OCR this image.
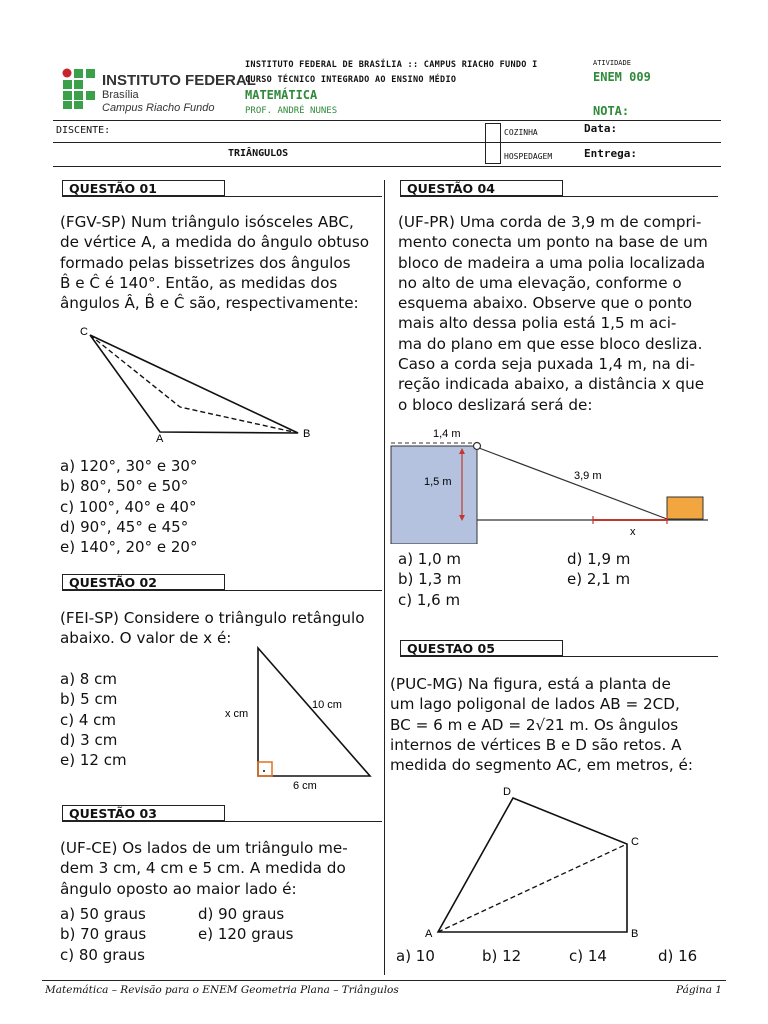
INSTITUTO FEDERAL
Brasília
Campus Riacho Fundo
INSTITUTO FEDERAL DE BRASÍLIA :: CAMPUS RIACHO FUNDO I
CURSO TÉCNICO INTEGRADO AO ENSINO MÉDIO
MATEMÁTICA
PROF. ANDRÉ NUNES
ATIVIDADE
ENEM 009
NOTA:
DISCENTE:
TRIÂNGULOS
COZINHA
HOSPEDAGEM
Data:
Entrega:
QUESTÃO 01
(FGV-SP) Num triângulo isósceles ABC,
de vértice A, a medida do ângulo obtuso
formado pelas bissetrizes dos ângulos
B̂ e Ĉ é 140°. Então, as medidas dos
ângulos Â, B̂ e Ĉ são, respectivamente:
C
A	B
a) 120°, 30° e 30°
b) 80°, 50° e 50°
c) 100°, 40° e 40°
d) 90°, 45° e 45°
e) 140°, 20° e 20°
QUESTÃO 02
(FEI-SP) Considere o triângulo retângulo
abaixo. O valor de x é:
a) 8 cm
b) 5 cm
c) 4 cm
d) 3 cm
e) 12 cm
x cm
10 cm
6 cm
QUESTÃO 03
(UF-CE) Os lados de um triângulo me-
dem 3 cm, 4 cm e 5 cm. A medida do
ângulo oposto ao maior lado é:
a) 50 graus
b) 70 graus
c) 80 graus
d) 90 graus
e) 120 graus
QUESTÃO 04
(UF-PR) Uma corda de 3,9 m de compri-
mento conecta um ponto na base de um
bloco de madeira a uma polia localizada
no alto de uma elevação, conforme o
esquema abaixo. Observe que o ponto
mais alto dessa polia está 1,5 m aci-
ma do plano em que esse bloco desliza.
Caso a corda seja puxada 1,4 m, na di-
reção indicada abaixo, a distância x que
o bloco deslizará será de:
1,4 m
1,5 m	3,9 m
x
a) 1,0 m
b) 1,3 m
c) 1,6 m
d) 1,9 m
e) 2,1 m
QUESTAO 05
(PUC-MG) Na figura, está a planta de
um lago poligonal de lados AB = 2CD,
BC = 6 m e AD = 2√21 m. Os ângulos
internos de vértices B e D são retos. A
medida do segmento AC, em metros, é:
D
C
A	B
a) 10	b) 12	c) 14	d) 16
Matemática – Revisão para o ENEM Geometria Plana – Triângulos	Página 1
